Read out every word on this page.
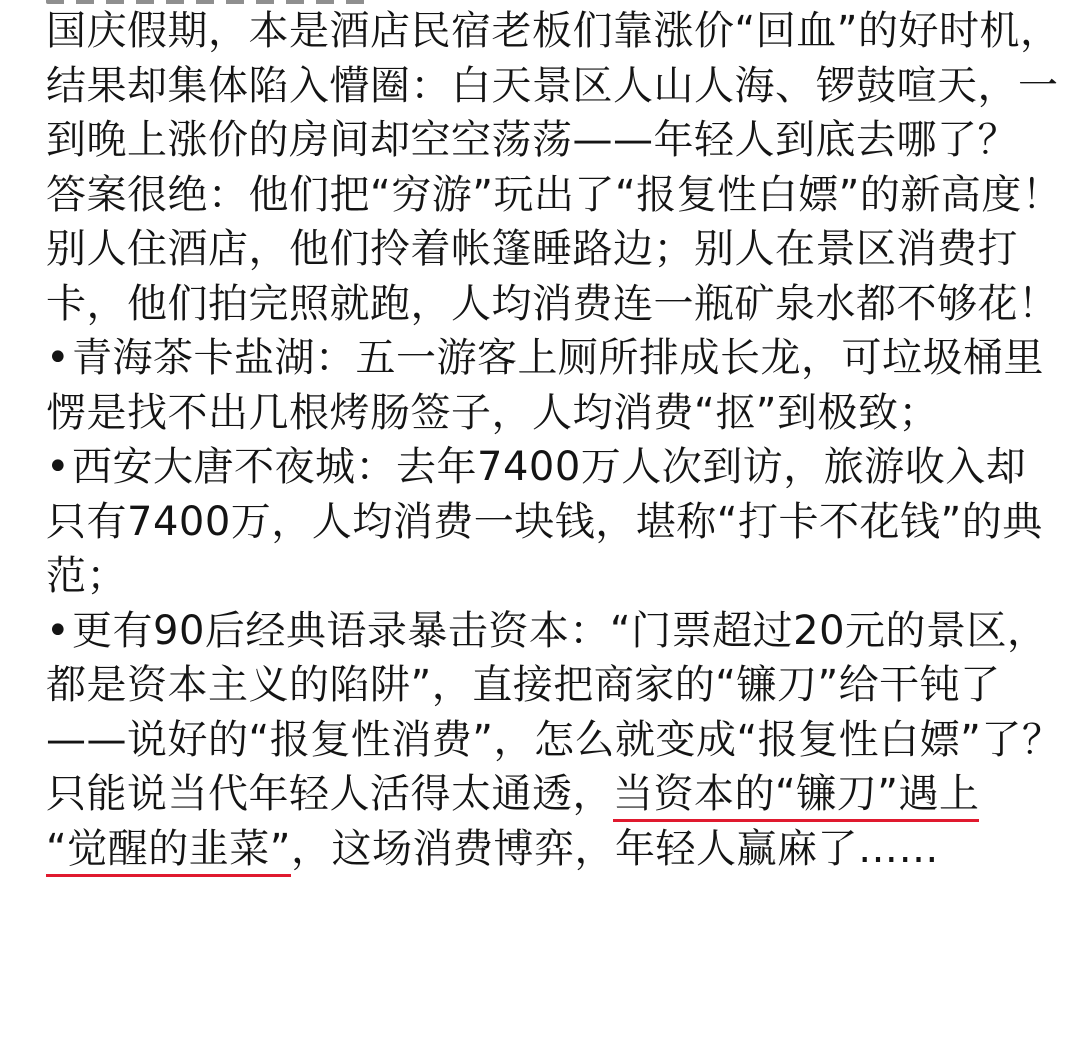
国庆假期，本是酒店民宿老板们靠涨价“回血”的好时机，结果却集体陷入懵圈：白天景区人山人海、锣鼓喧天，一到晚上涨价的房间却空空荡荡——年轻人到底去哪了？

答案很绝：他们把“穷游”玩出了“报复性白嫖”的新高度！别人住酒店，他们拎着帐篷睡路边；别人在景区消费打卡，他们拍完照就跑，人均消费连一瓶矿泉水都不够花！

•青海茶卡盐湖：五一游客上厕所排成长龙，可垃圾桶里愣是找不出几根烤肠签子，人均消费“抠”到极致；
•西安大唐不夜城：去年7400万人次到访，旅游收入却只有7400万，人均消费一块钱，堪称“打卡不花钱”的典范；
•更有90后经典语录暴击资本：“门票超过20元的景区，都是资本主义的陷阱”，直接把商家的“镰刀”给干钝了——说好的“报复性消费”，怎么就变成“报复性白嫖”了？

只能说当代年轻人活得太通透，当资本的“镰刀”遇上
“觉醒的韭菜”，这场消费博弈，年轻人赢麻了……
